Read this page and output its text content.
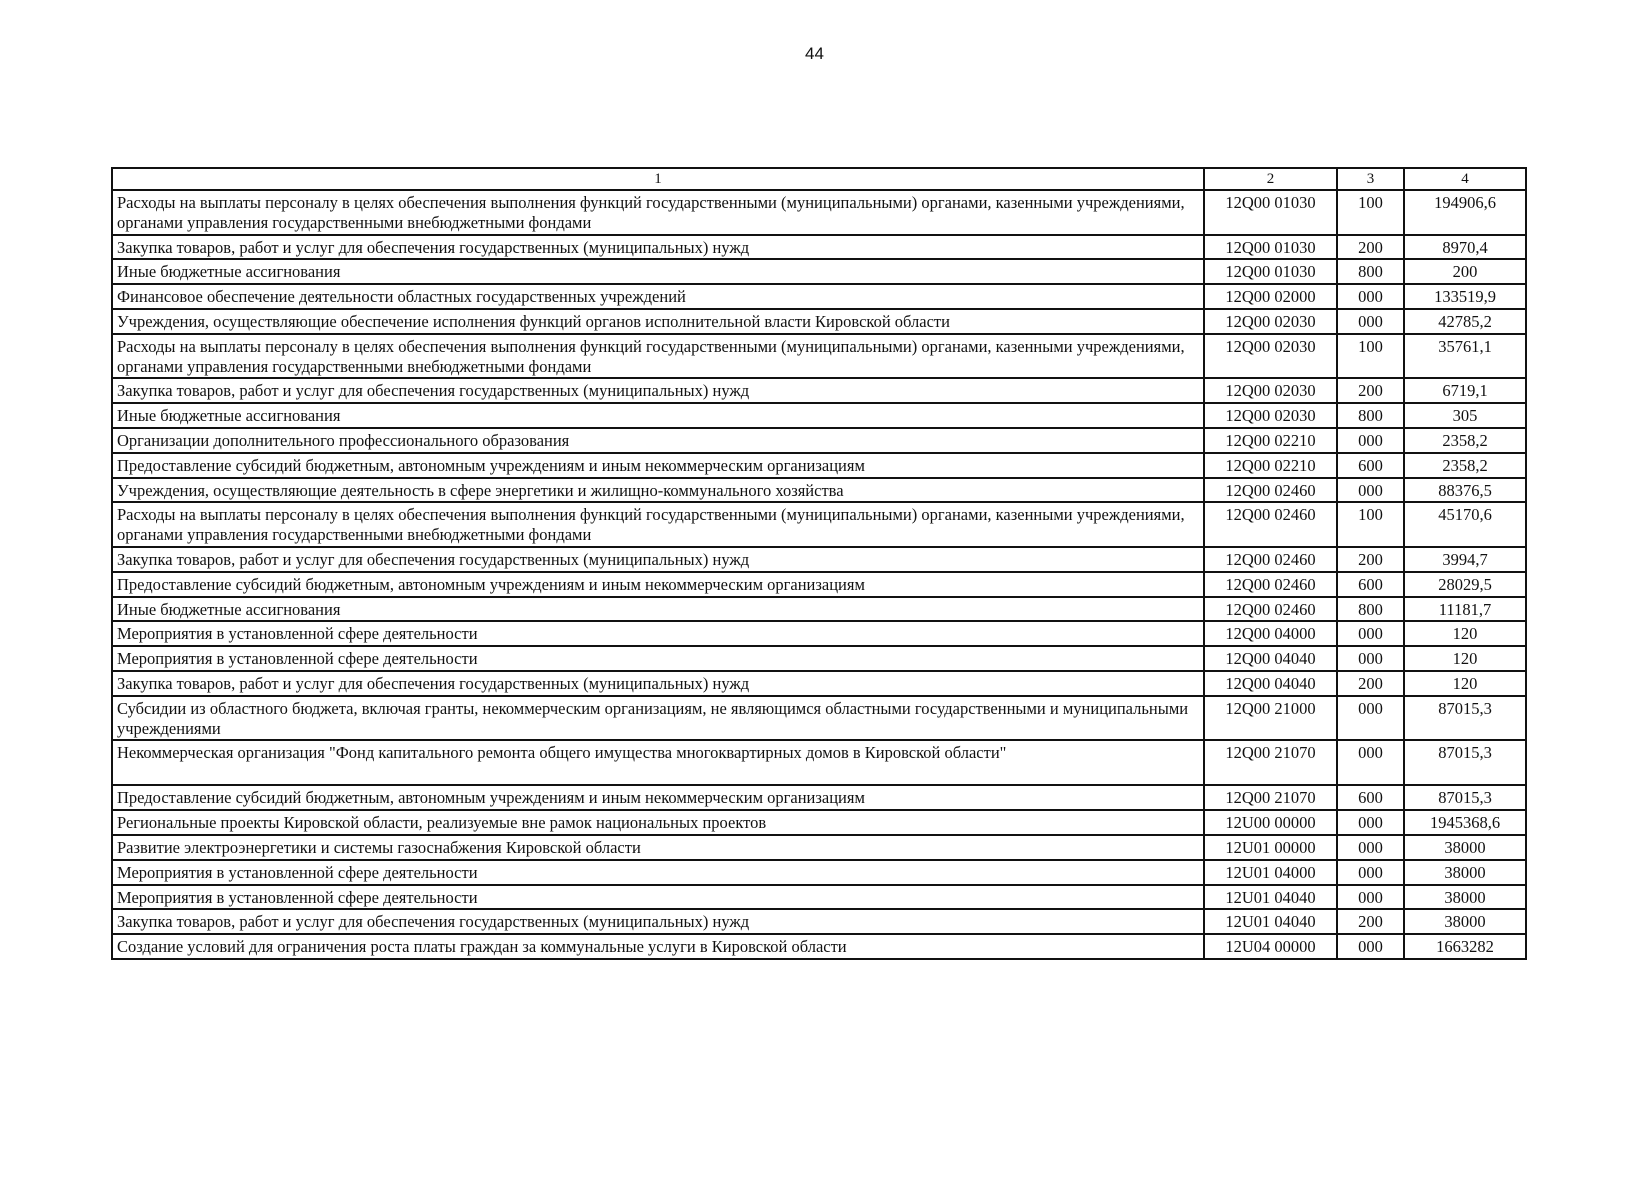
44
1	2	3	4
Расходы на выплаты персоналу в целях обеспечения выполнения функций государственными (муниципальными) органами, казенными учреждениями, органами управления государственными внебюджетными фондами	12Q00 01030	100	194906,6
Закупка товаров, работ и услуг для обеспечения государственных (муниципальных) нужд	12Q00 01030	200	8970,4
Иные бюджетные ассигнования	12Q00 01030	800	200
Финансовое обеспечение деятельности областных государственных учреждений	12Q00 02000	000	133519,9
Учреждения, осуществляющие обеспечение исполнения функций органов исполнительной власти Кировской области	12Q00 02030	000	42785,2
Расходы на выплаты персоналу в целях обеспечения выполнения функций государственными (муниципальными) органами, казенными учреждениями, органами управления государственными внебюджетными фондами	12Q00 02030	100	35761,1
Закупка товаров, работ и услуг для обеспечения государственных (муниципальных) нужд	12Q00 02030	200	6719,1
Иные бюджетные ассигнования	12Q00 02030	800	305
Организации дополнительного профессионального образования	12Q00 02210	000	2358,2
Предоставление субсидий бюджетным, автономным учреждениям и иным некоммерческим организациям	12Q00 02210	600	2358,2
Учреждения, осуществляющие деятельность в сфере энергетики и жилищно-коммунального хозяйства	12Q00 02460	000	88376,5
Расходы на выплаты персоналу в целях обеспечения выполнения функций государственными (муниципальными) органами, казенными учреждениями, органами управления государственными внебюджетными фондами	12Q00 02460	100	45170,6
Закупка товаров, работ и услуг для обеспечения государственных (муниципальных) нужд	12Q00 02460	200	3994,7
Предоставление субсидий бюджетным, автономным учреждениям и иным некоммерческим организациям	12Q00 02460	600	28029,5
Иные бюджетные ассигнования	12Q00 02460	800	11181,7
Мероприятия в установленной сфере деятельности	12Q00 04000	000	120
Мероприятия в установленной сфере деятельности	12Q00 04040	000	120
Закупка товаров, работ и услуг для обеспечения государственных (муниципальных) нужд	12Q00 04040	200	120
Субсидии из областного бюджета, включая гранты, некоммерческим организациям, не являющимся областными государственными и муниципальными учреждениями	12Q00 21000	000	87015,3
Некоммерческая организация "Фонд капитального ремонта общего имущества многоквартирных домов в Кировской области"	12Q00 21070	000	87015,3
Предоставление субсидий бюджетным, автономным учреждениям и иным некоммерческим организациям	12Q00 21070	600	87015,3
Региональные проекты Кировской области, реализуемые вне рамок национальных проектов	12U00 00000	000	1945368,6
Развитие электроэнергетики и системы газоснабжения Кировской области	12U01 00000	000	38000
Мероприятия в установленной сфере деятельности	12U01 04000	000	38000
Мероприятия в установленной сфере деятельности	12U01 04040	000	38000
Закупка товаров, работ и услуг для обеспечения государственных (муниципальных) нужд	12U01 04040	200	38000
Создание условий для ограничения роста платы граждан за коммунальные услуги в Кировской области	12U04 00000	000	1663282
